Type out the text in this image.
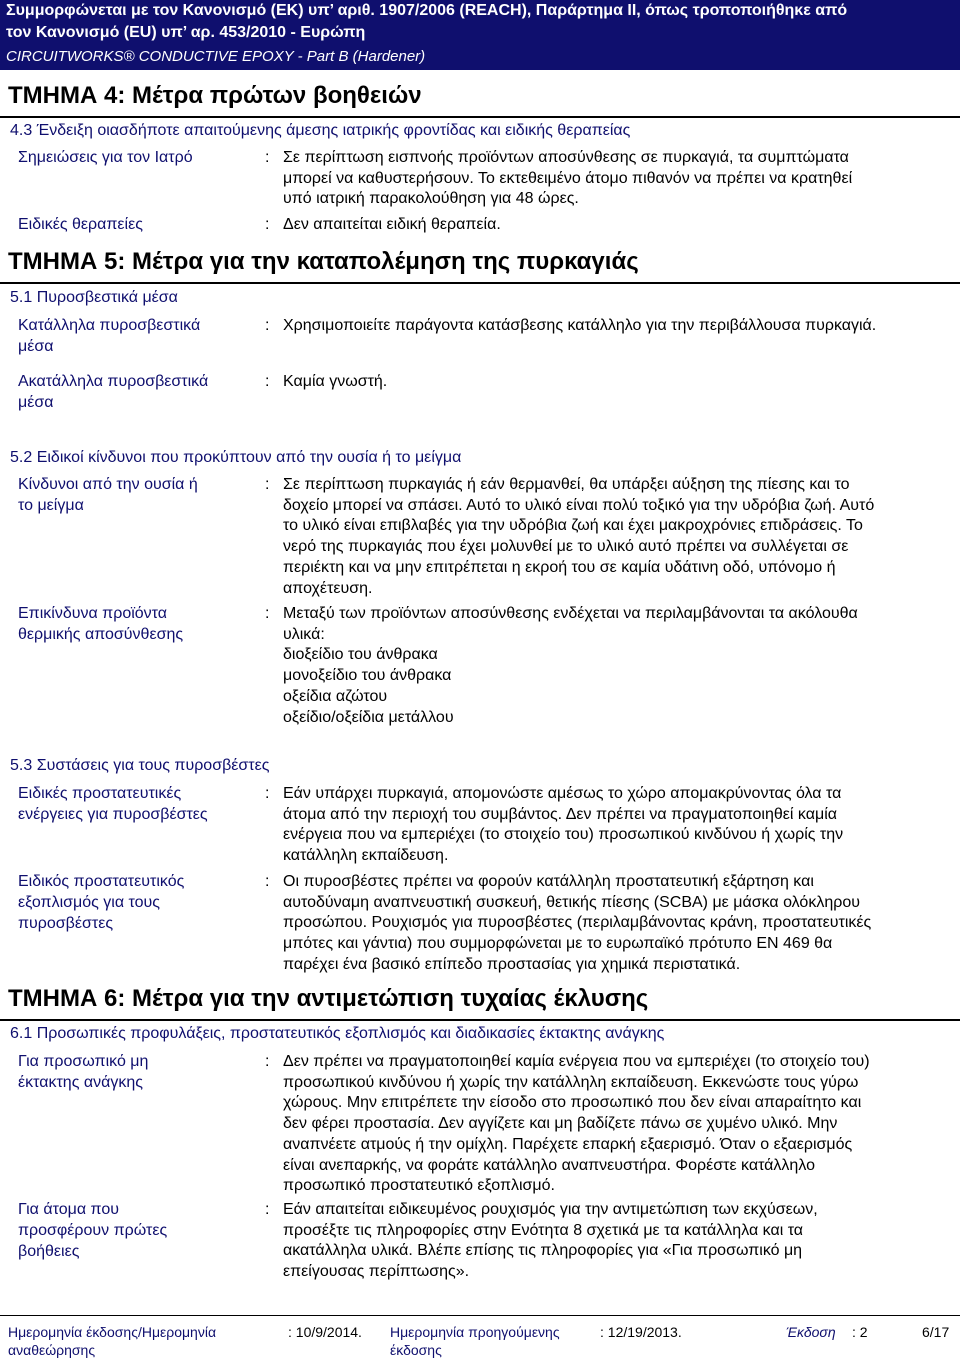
Συμμορφώνεται με τον Κανονισμό (ΕΚ) υπ’ αριθ. 1907/2006 (REACH), Παράρτημα ΙΙ, όπως τροποποιήθηκε από
τον Κανονισμό (ΕU) υπ’ αρ. 453/2010 - Ευρώπη
CIRCUITWORKS® CONDUCTIVE EPOXY - Part B (Hardener)
ΤΜΗΜΑ 4: Μέτρα πρώτων βοηθειών
4.3 Ένδειξη οιασδήποτε απαιτούμενης άμεσης ιατρικής φροντίδας και ειδικής θεραπείας
Σημειώσεις για τον Ιατρό	: Σε περίπτωση εισπνοής προϊόντων αποσύνθεσης σε πυρκαγιά, τα συμπτώματα
μπορεί να καθυστερήσουν. Το εκτεθειμένο άτομο πιθανόν να πρέπει να κρατηθεί
υπό ιατρική παρακολούθηση για 48 ώρες.
Ειδικές θεραπείες	: Δεν απαιτείται ειδική θεραπεία.
ΤΜΗΜΑ 5: Μέτρα για την καταπολέμηση της πυρκαγιάς
5.1 Πυροσβεστικά μέσα
Κατάλληλα πυροσβεστικά
μέσα
: Χρησιμοποιείτε παράγοντα κατάσβεσης κατάλληλο για την περιβάλλουσα πυρκαγιά.
Ακατάλληλα πυροσβεστικά
μέσα
: Καμία γνωστή.
5.2 Ειδικοί κίνδυνοι που προκύπτουν από την ουσία ή το μείγμα
Κίνδυνοι από την ουσία ή
το μείγμα
: Σε περίπτωση πυρκαγιάς ή εάν θερμανθεί, θα υπάρξει αύξηση της πίεσης και το
δοχείο μπορεί να σπάσει. Αυτό το υλικό είναι πολύ τοξικό για την υδρόβια ζωή. Αυτό
το υλικό είναι επιβλαβές για την υδρόβια ζωή και έχει μακροχρόνιες επιδράσεις. Το
νερό της πυρκαγιάς που έχει μολυνθεί με το υλικό αυτό πρέπει να συλλέγεται σε
περιέκτη και να μην επιτρέπεται η εκροή του σε καμία υδάτινη οδό, υπόνομο ή
αποχέτευση.
Επικίνδυνα προϊόντα
θερμικής αποσύνθεσης
: Μεταξύ των προϊόντων αποσύνθεσης ενδέχεται να περιλαμβάνονται τα ακόλουθα
υλικά:
διοξείδιο του άνθρακα
μονοξείδιο του άνθρακα
οξείδια αζώτου
οξείδιο/οξείδια μετάλλου
5.3 Συστάσεις για τους πυροσβέστες
Ειδικές προστατευτικές
ενέργειες για πυροσβέστες
: Εάν υπάρχει πυρκαγιά, απομονώστε αμέσως το χώρο απομακρύνοντας όλα τα
άτομα από την περιοχή του συμβάντος. Δεν πρέπει να πραγματοποιηθεί καμία
ενέργεια που να εμπεριέχει (το στοιχείο του) προσωπικού κινδύνου ή χωρίς την
κατάλληλη εκπαίδευση.
Ειδικός προστατευτικός
εξοπλισμός για τους
πυροσβέστες
: Οι πυροσβέστες πρέπει να φορούν κατάλληλη προστατευτική εξάρτηση και
αυτοδύναμη αναπνευστική συσκευή, θετικής πίεσης (SCBA) με μάσκα ολόκληρου
προσώπου. Ρουχισμός για πυροσβέστες (περιλαμβάνοντας κράνη, προστατευτικές
μπότες και γάντια) που συμμορφώνεται με το ευρωπαϊκό πρότυπο EN 469 θα
παρέχει ένα βασικό επίπεδο προστασίας για χημικά περιστατικά.
ΤΜΗΜΑ 6: Μέτρα για την αντιμετώπιση τυχαίας έκλυσης
6.1 Προσωπικές προφυλάξεις, προστατευτικός εξοπλισμός και διαδικασίες έκτακτης ανάγκης
Για προσωπικό μη
έκτακτης ανάγκης
: Δεν πρέπει να πραγματοποιηθεί καμία ενέργεια που να εμπεριέχει (το στοιχείο του)
προσωπικού κινδύνου ή χωρίς την κατάλληλη εκπαίδευση. Εκκενώστε τους γύρω
χώρους. Μην επιτρέπετε την είσοδο στο προσωπικό που δεν είναι απαραίτητο και
δεν φέρει προστασία. Δεν αγγίζετε και μη βαδίζετε πάνω σε χυμένο υλικό. Μην
αναπνέετε ατμούς ή την ομίχλη. Παρέχετε επαρκή εξαερισμό. Όταν ο εξαερισμός
είναι ανεπαρκής, να φοράτε κατάλληλο αναπνευστήρα. Φορέστε κατάλληλο
προσωπικό προστατευτικό εξοπλισμό.
Για άτομα που
προσφέρουν πρώτες
βοήθειες
: Εάν απαιτείται ειδικευμένος ρουχισμός για την αντιμετώπιση των εκχύσεων,
προσέξτε τις πληροφορίες στην Ενότητα 8 σχετικά με τα κατάλληλα και τα
ακατάλληλα υλικά. Βλέπε επίσης τις πληροφορίες για «Για προσωπικό μη
επείγουσας περίπτωσης».
Ημερομηνία έκδοσης/Ημερομηνία
αναθεώρησης
: 10/9/2014. Ημερομηνία προηγούμενης
έκδοσης
: 12/19/2013.	Έκδοση : 2	6/17
